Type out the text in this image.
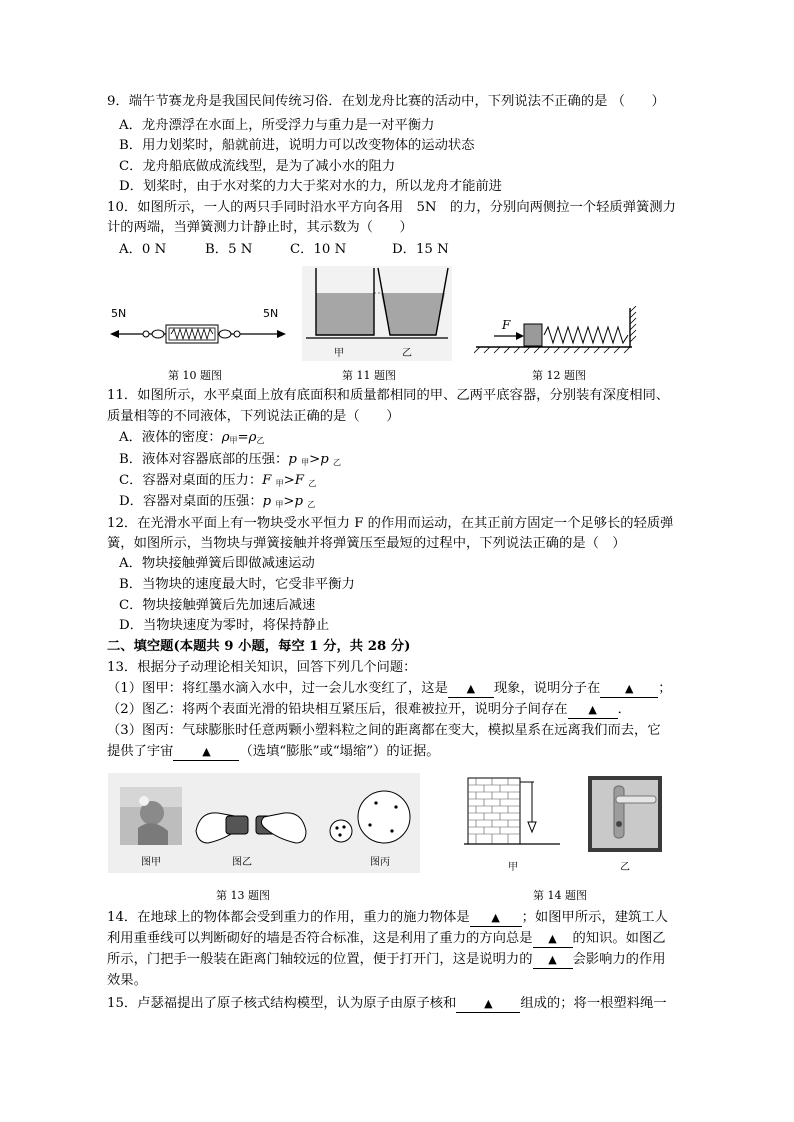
9．端午节赛龙舟是我国民间传统习俗．在划龙舟比赛的活动中，下列说法不正确的是 （　　）
A．龙舟漂浮在水面上，所受浮力与重力是一对平衡力
B．用力划桨时，船就前进，说明力可以改变物体的运动状态
C．龙舟船底做成流线型，是为了减小水的阻力
D．划桨时，由于水对桨的力大于桨对水的力，所以龙舟才能前进
10．如图所示，一人的两只手同时沿水平方向各用　5N　的力，分别向两侧拉一个轻质弹簧测力
计的两端，当弹簧测力计静止时，其示数为（　　）
A．0 N	B．5 N	C．10 N	D．15 N
5N	5N
第 10 题图
甲	乙
第 11 题图
F
第 12 题图
11．如图所示，水平桌面上放有底面积和质量都相同的甲、乙两平底容器，分别装有深度相同、
质量相等的不同液体，下列说法正确的是（　　）
A．液体的密度：$\rho_甲=\rho_乙$
B．液体对容器底部的压强：p $_甲$>p $_乙$
C．容器对桌面的压力：F $_甲$>F $_乙$
D．容器对桌面的压强：p $_甲$>p $_乙$
12．在光滑水平面上有一物块受水平恒力 F 的作用而运动，在其正前方固定一个足够长的轻质弹
簧，如图所示，当物块与弹簧接触并将弹簧压至最短的过程中，下列说法正确的是（　）
A．物块接触弹簧后即做减速运动
B．当物块的速度最大时，它受非平衡力
C．物块接触弹簧后先加速后减速
D．当物块速度为零时，将保持静止
二、填空题(本题共 9 小题，每空 1 分，共 28 分)
13．根据分子动理论相关知识，回答下列几个问题：
（1）图甲：将红墨水滴入水中，过一会儿水变红了，这是 ▲ 现象，说明分子在 ▲ ；
（2）图乙：将两个表面光滑的铅块相互紧压后，很难被拉开，说明分子间存在 ▲ ．
（3）图丙：气球膨胀时任意两颗小塑料粒之间的距离都在变大，模拟星系在远离我们而去，它
提供了宇宙	▲ （选填“膨胀”或“塌缩”）的证据。
图甲	图乙	图丙
第 13 题图
甲	乙
第 14 题图
14．在地球上的物体都会受到重力的作用，重力的施力物体是 ▲ ；如图甲所示，建筑工人
利用重垂线可以判断砌好的墙是否符合标准，这是利用了重力的方向总是 ▲ 的知识。如图乙
所示，门把手一般装在距离门轴较远的位置，便于打开门，这是说明力的 ▲ 会影响力的作用
效果。
15．卢瑟福提出了原子核式结构模型，认为原子由原子核和	▲ 组成的；将一根塑料绳一
